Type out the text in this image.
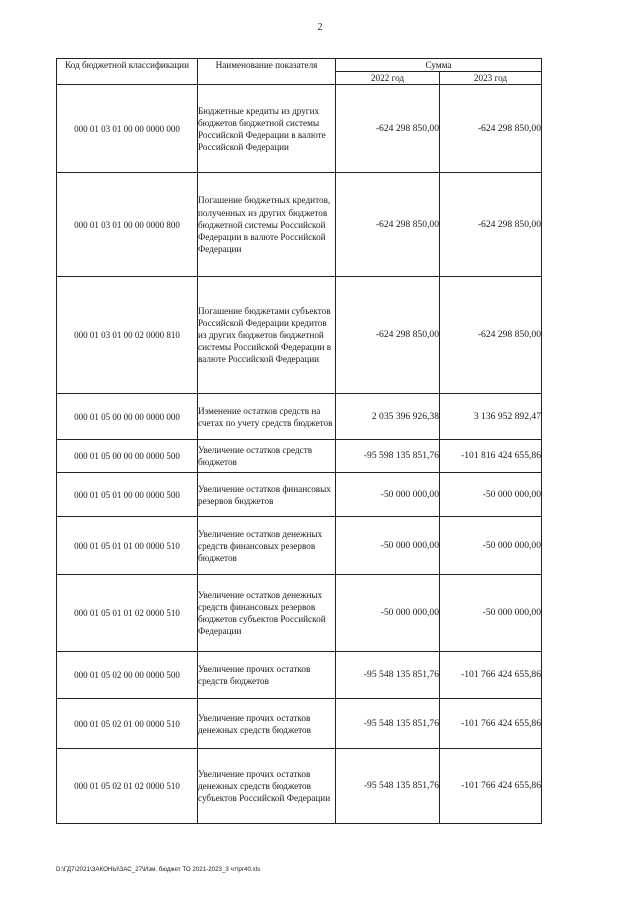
2
Код бюджетной классификации	Наименование показателя	Сумма	
		2022 год	2023 год
000 01 03 01 00 00 0000 000	Бюджетные кредиты из других бюджетов бюджетной системы Российской Федерации в валюте Российской Федерации	-624 298 850,00	-624 298 850,00
000 01 03 01 00 00 0000 800	Погашение бюджетных кредитов, полученных из других бюджетов бюджетной системы Российской Федерации в валюте Российской Федерации	-624 298 850,00	-624 298 850,00
000 01 03 01 00 02 0000 810	Погашение бюджетами субъектов Российской Федерации кредитов из других бюджетов бюджетной системы Российской Федерации в валюте Российской Федерации	-624 298 850,00	-624 298 850,00
000 01 05 00 00 00 0000 000	Изменение остатков средств на счетах по учету средств бюджетов	2 035 396 926,38	3 136 952 892,47
000 01 05 00 00 00 0000 500	Увеличение остатков средств бюджетов	-95 598 135 851,76	-101 816 424 655,86
000 01 05 01 00 00 0000 500	Увеличение остатков финансовых резервов бюджетов	-50 000 000,00	-50 000 000,00
000 01 05 01 01 00 0000 510	Увеличение остатков денежных средств финансовых резервов бюджетов	-50 000 000,00	-50 000 000,00
000 01 05 01 01 02 0000 510	Увеличение остатков денежных средств финансовых резервов бюджетов субъектов Российской Федерации	-50 000 000,00	-50 000 000,00
000 01 05 02 00 00 0000 500	Увеличение прочих остатков средств бюджетов	-95 548 135 851,76	-101 766 424 655,86
000 01 05 02 01 00 0000 510	Увеличение прочих остатков денежных средств бюджетов	-95 548 135 851,76	-101 766 424 655,86
000 01 05 02 01 02 0000 510	Увеличение прочих остатков денежных средств бюджетов субъектов Российской Федерации	-95 548 135 851,76	-101 766 424 655,86
D:\ГД7\2021\ЗАКОНЫ\ЗАС_27\Изм. бюджет ТО 2021-2023_3 чт\рг40.xls
